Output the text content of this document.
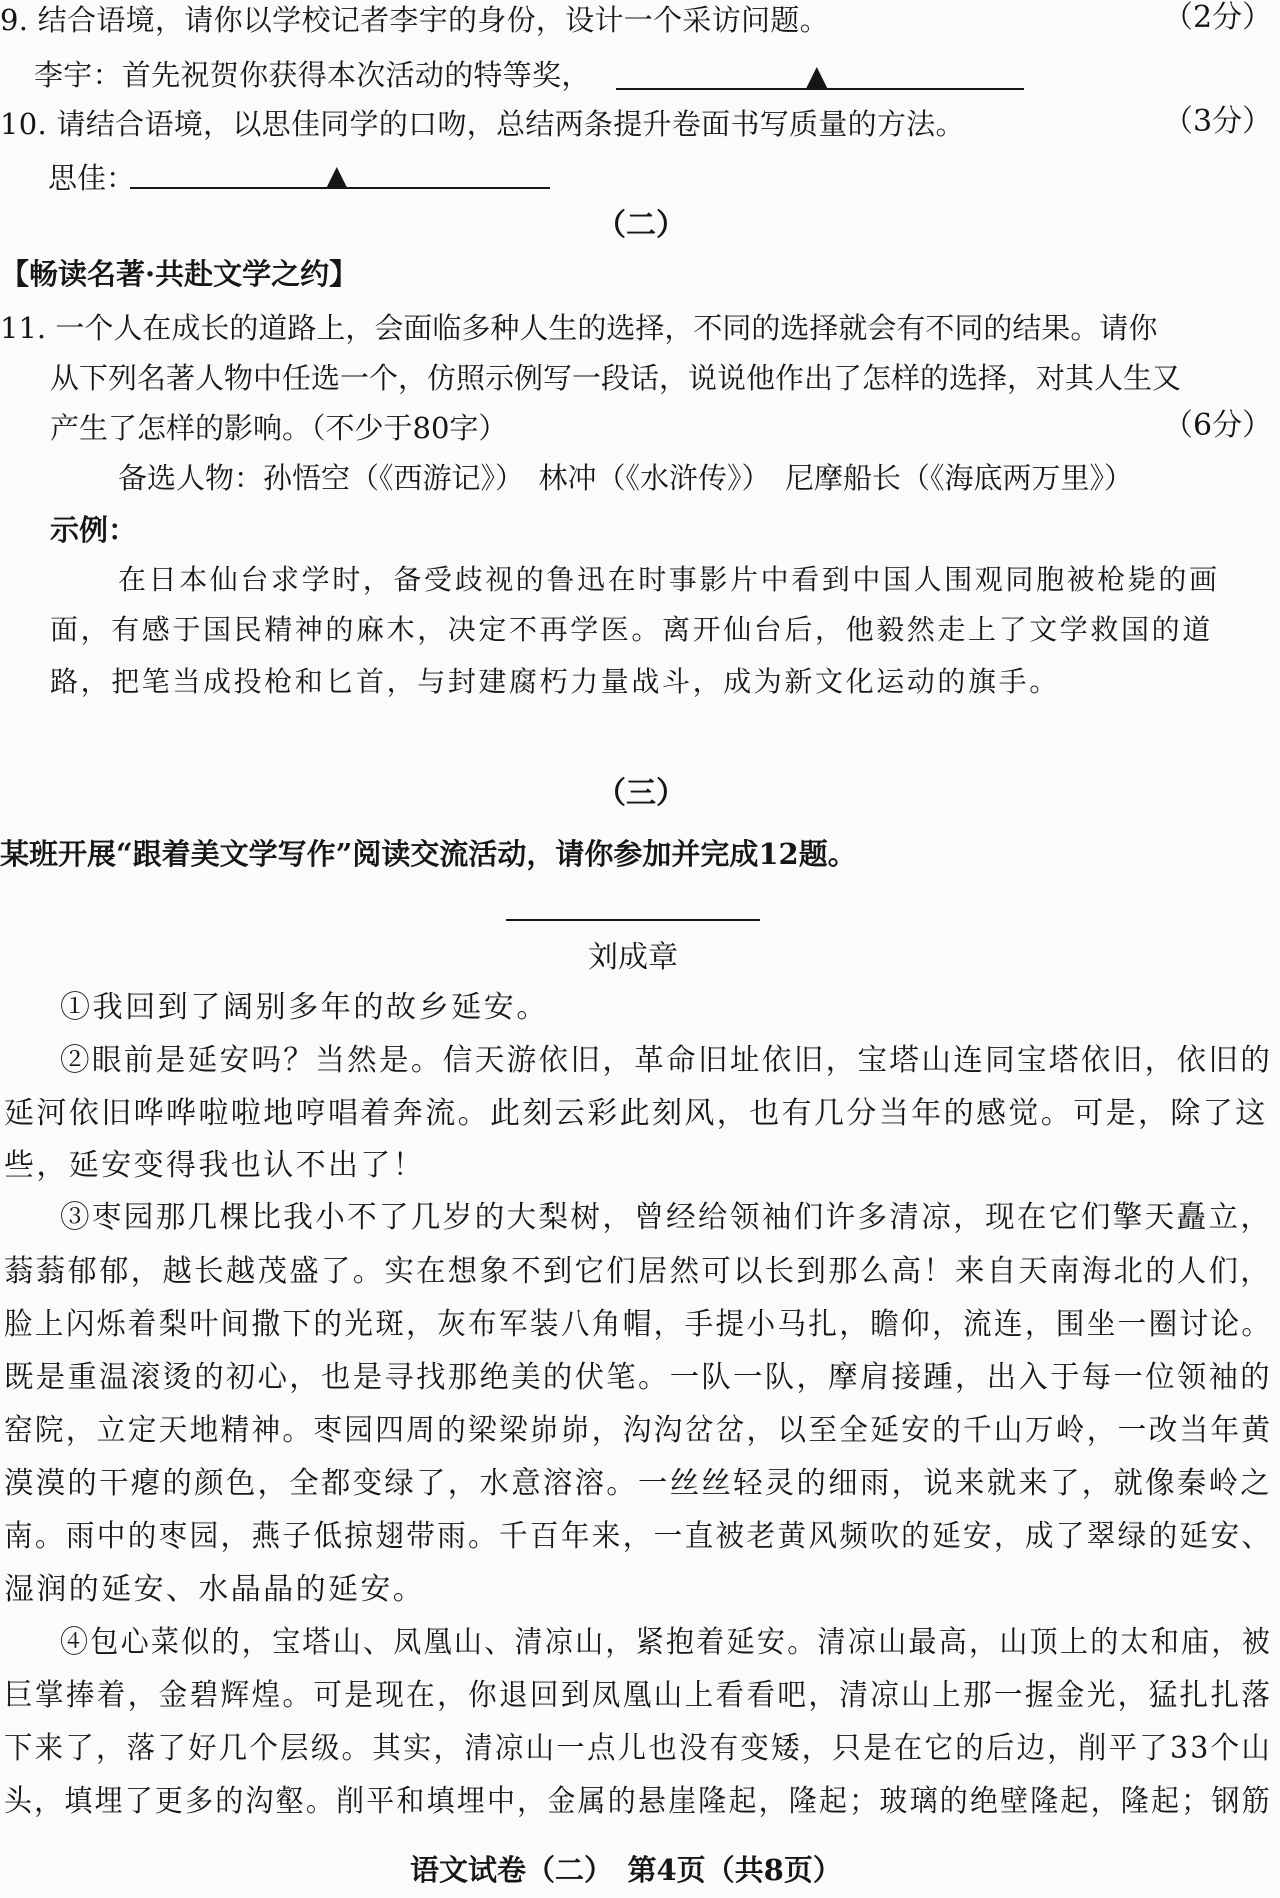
9. 结合语境，请你以学校记者李宇的身份，设计一个采访问题。	（2分）
李宇：首先祝贺你获得本次活动的特等奖，	▲
10. 请结合语境，以思佳同学的口吻，总结两条提升卷面书写质量的方法。	（3分）
思佳：	▲
（二）
【畅读名著·共赴文学之约】
11. 一个人在成长的道路上，会面临多种人生的选择，不同的选择就会有不同的结果。请你
从下列名著人物中任选一个，仿照示例写一段话，说说他作出了怎样的选择，对其人生又
产生了怎样的影响。（不少于80字）	（6分）
备选人物：孙悟空（《西游记》）　林冲（《水浒传》）　尼摩船长（《海底两万里》）
示例：
在日本仙台求学时，备受歧视的鲁迅在时事影片中看到中国人围观同胞被枪毙的画
面，有感于国民精神的麻木，决定不再学医。离开仙台后，他毅然走上了文学救国的道
路，把笔当成投枪和匕首，与封建腐朽力量战斗，成为新文化运动的旗手。
（三）
某班开展“跟着美文学写作”阅读交流活动，请你参加并完成12题。
刘成章
①我回到了阔别多年的故乡延安。
②眼前是延安吗？当然是。信天游依旧，革命旧址依旧，宝塔山连同宝塔依旧，依旧的
延河依旧哗哗啦啦地哼唱着奔流。此刻云彩此刻风，也有几分当年的感觉。可是，除了这
些，延安变得我也认不出了！
③枣园那几棵比我小不了几岁的大梨树，曾经给领袖们许多清凉，现在它们擎天矗立，
蓊蓊郁郁，越长越茂盛了。实在想象不到它们居然可以长到那么高！来自天南海北的人们，
脸上闪烁着梨叶间撒下的光斑，灰布军装八角帽，手提小马扎，瞻仰，流连，围坐一圈讨论。
既是重温滚烫的初心，也是寻找那绝美的伏笔。一队一队，摩肩接踵，出入于每一位领袖的
窑院，立定天地精神。枣园四周的梁梁峁峁，沟沟岔岔，以至全延安的千山万岭，一改当年黄
漠漠的干瘪的颜色，全都变绿了，水意溶溶。一丝丝轻灵的细雨，说来就来了，就像秦岭之
南。雨中的枣园，燕子低掠翅带雨。千百年来，一直被老黄风频吹的延安，成了翠绿的延安、
湿润的延安、水晶晶的延安。
④包心菜似的，宝塔山、凤凰山、清凉山，紧抱着延安。清凉山最高，山顶上的太和庙，被
巨掌捧着，金碧辉煌。可是现在，你退回到凤凰山上看看吧，清凉山上那一握金光，猛扎扎落
下来了，落了好几个层级。其实，清凉山一点儿也没有变矮，只是在它的后边，削平了33个山
头，填埋了更多的沟壑。削平和填埋中，金属的悬崖隆起，隆起；玻璃的绝壁隆起，隆起；钢筋
语文试卷（二）　第4页（共8页）
